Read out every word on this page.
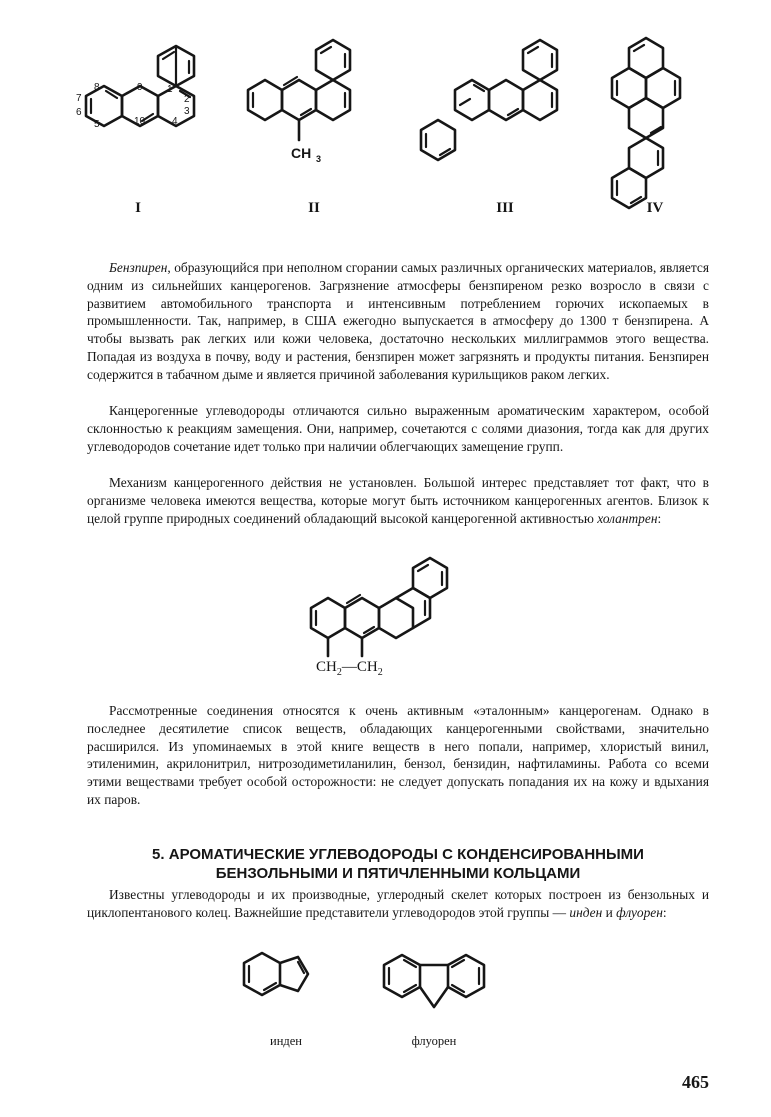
7
8	9 1
2
3
6
5	10	4
CH 3
I	II	III	IV

Бензпирен, образующийся при неполном сгорании самых различных органических материалов, является одним из сильнейших канцерогенов. Загрязнение атмосферы бензпиреном резко возросло в связи с развитием автомобильного транспорта и интенсивным потреблением горючих ископаемых в промышленности. Так, например, в США ежегодно выпускается в атмосферу до 1300 т бензпирена. А чтобы вызвать рак легких или кожи человека, достаточно нескольких миллиграммов этого вещества. Попадая из воздуха в почву, воду и растения, бензпирен может загрязнять и продукты питания. Бензпирен содержится в табачном дыме и является причиной заболевания курильщиков раком легких.

Канцерогенные углеводороды отличаются сильно выраженным ароматическим характером, особой склонностью к реакциям замещения. Они, например, сочетаются с солями диазония, тогда как для других углеводородов сочетание идет только при наличии облегчающих замещение групп.

Механизм канцерогенного действия не установлен. Большой интерес представляет тот факт, что в организме человека имеются вещества, которые могут быть источником канцерогенных агентов. Близок к целой группе природных соединений обладающий высокой канцерогенной активностью холантрен:

$CH_2—CH_2$

Рассмотренные соединения относятся к очень активным «эталонным» канцерогенам. Однако в последнее десятилетие список веществ, обладающих канцерогенными свойствами, значительно расширился. Из упоминаемых в этой книге веществ в него попали, например, хлористый винил, этиленимин, акрилонитрил, нитрозодиметиланилин, бензол, бензидин, нафтиламины. Работа со всеми этими веществами требует особой осторожности: не следует допускать попадания их на кожу и вдыхания их паров.

5. АРОМАТИЧЕСКИЕ УГЛЕВОДОРОДЫ С КОНДЕНСИРОВАННЫМИ
БЕНЗОЛЬНЫМИ И ПЯТИЧЛЕННЫМИ КОЛЬЦАМИ

Известны углеводороды и их производные, углеродный скелет которых построен из бензольных и циклопентанового колец. Важнейшие представители углеводородов этой группы — инден и флуорен:

инден	флуорен
465
